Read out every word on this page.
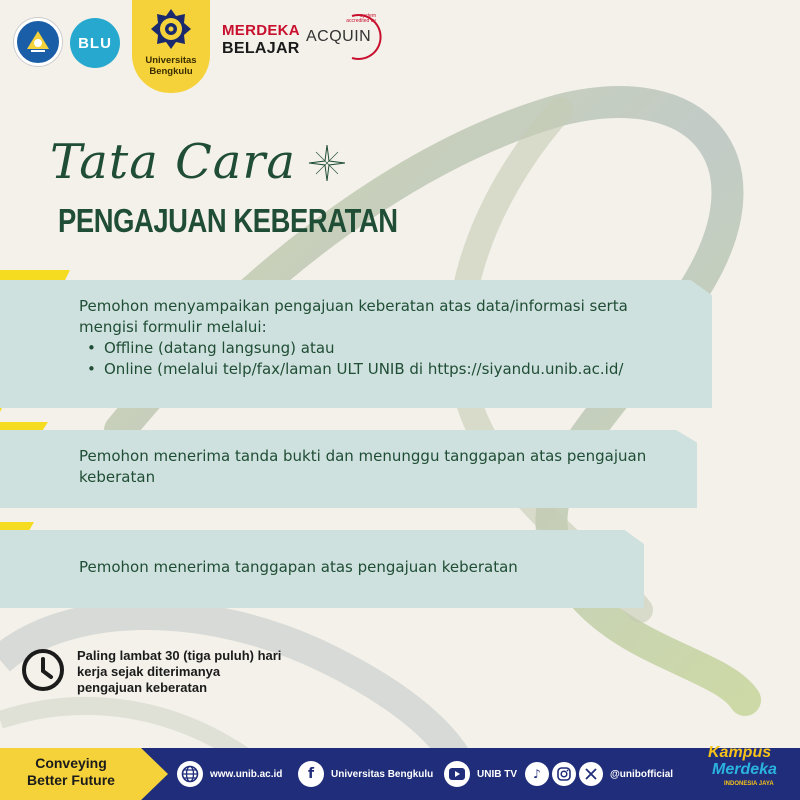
BLU
Universitas
Bengkulu
MERDEKA
BELAJAR
system
accredited by
ACQUIN
Tata Cara
PENGAJUAN KEBERATAN
Pemohon menyampaikan pengajuan keberatan atas data/informasi serta mengisi formulir melalui:
• Offline (datang langsung) atau
• Online (melalui telp/fax/laman ULT UNIB di https://siyandu.unib.ac.id/
Pemohon menerima tanda bukti dan menunggu tanggapan atas pengajuan keberatan
Pemohon menerima tanggapan atas pengajuan keberatan
Paling lambat 30 (tiga puluh) hari kerja sejak diterimanya pengajuan keberatan
Conveying Better Future	www.unib.ac.id	f	Universitas Bengkulu	UNIB TV	♪	@unibofficial
Kampus
Merdeka
INDONESIA JAYA
